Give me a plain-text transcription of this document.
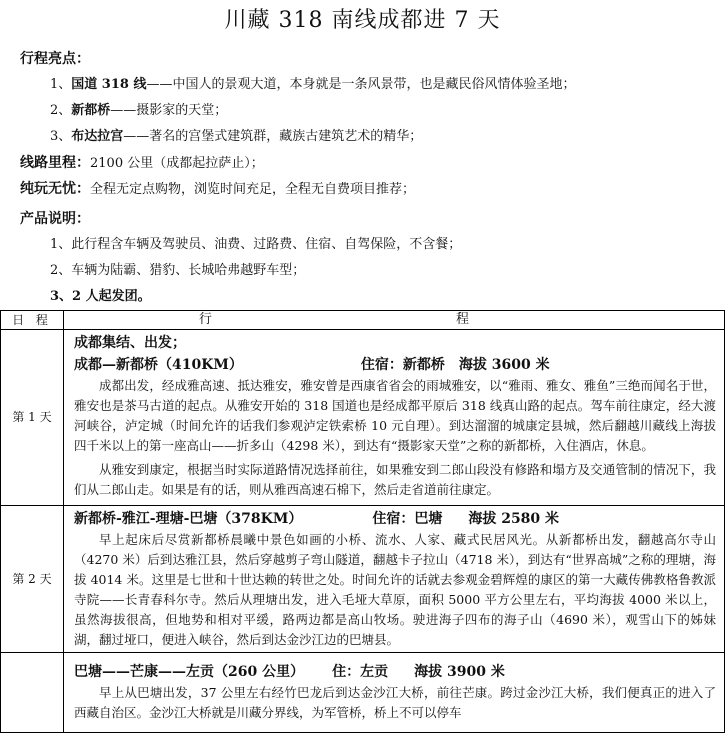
川藏 318 南线成都进 7 天
行程亮点：
1、国道 318 线——中国人的景观大道，本身就是一条风景带，也是藏民俗风情体验圣地；
2、新都桥——摄影家的天堂；
3、布达拉宫——著名的宫堡式建筑群，藏族古建筑艺术的精华；
线路里程：2100 公里（成都起拉萨止）；
纯玩无忧：全程无定点购物，浏览时间充足，全程无自费项目推荐；
产品说明：
1、此行程含车辆及驾驶员、油费、过路费、住宿、自驾保险，不含餐；
2、车辆为陆霸、猎豹、长城哈弗越野车型；
3、2 人起发团。
日 程	行 程
第 1 天	成都集结、出发；
成都—新都桥（410KM） 住宿：新都桥 海拔 3600 米

成都出发，经成雅高速、抵达雅安，雅安曾是西康省省会的雨城雅安，以“雅雨、雅女、雅鱼”三绝而闻名于世，雅安也是茶马古道的起点。从雅安开始的 318 国道也是经成都平原后 318 线真山路的起点。驾车前往康定，经大渡河峡谷，泸定城（时间允许的话我们参观泸定铁索桥 10 元自理）。到达溜溜的城康定县城，然后翻越川藏线上海拔四千米以上的第一座高山——折多山（4298 米），到达有“摄影家天堂”之称的新都桥，入住酒店，休息。

从雅安到康定，根据当时实际道路情况选择前往，如果雅安到二郎山段没有修路和塌方及交通管制的情况下，我们从二郎山走。如果是有的话，则从雅西高速石棉下，然后走省道前往康定。

第 2 天	新都桥-雅江-理塘-巴塘（378KM） 住宿：巴塘 海拔 2580 米

早上起床后尽赏新都桥晨曦中景色如画的小桥、流水、人家、藏式民居风光。从新都桥出发，翻越高尔寺山（4270 米）后到达雅江县，然后穿越剪子弯山隧道，翻越卡子拉山（4718 米），到达有“世界高城”之称的理塘，海拔 4014 米。这里是七世和十世达赖的转世之处。时间允许的话就去参观金碧辉煌的康区的第一大藏传佛教格鲁教派寺院——长青春科尔寺。然后从理塘出发，进入毛垭大草原，面积 5000 平方公里左右，平均海拔 4000 米以上，虽然海拔很高，但地势和相对平缓，路两边都是高山牧场。驶进海子四布的海子山（4690 米），观雪山下的姊妹湖，翻过垭口，便进入峡谷，然后到达金沙江边的巴塘县。

	巴塘——芒康——左贡（260 公里） 住：左贡 海拔 3900 米

早上从巴塘出发，37 公里左右经竹巴龙后到达金沙江大桥，前往芒康。跨过金沙江大桥，我们便真正的进入了西藏自治区。金沙江大桥就是川藏分界线，为军管桥，桥上不可以停车
